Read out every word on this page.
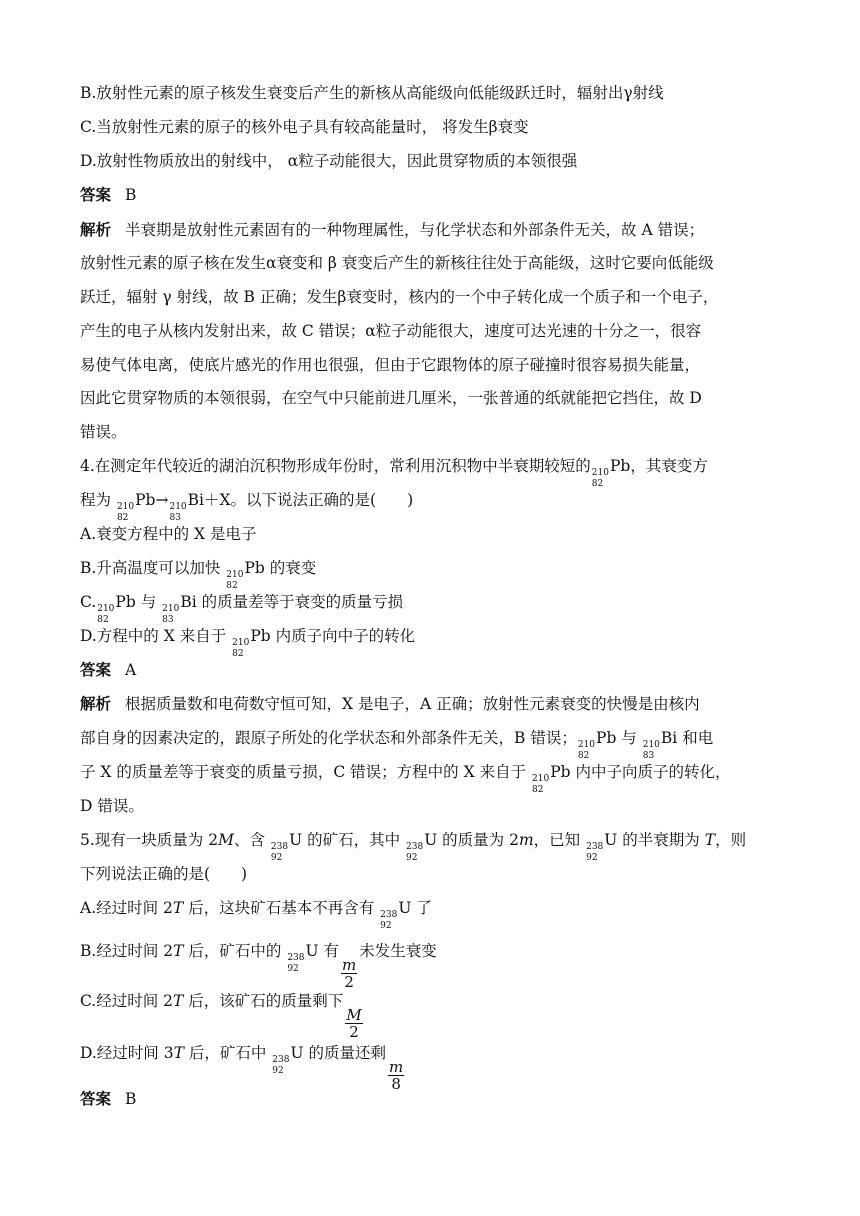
B.放射性元素的原子核发生衰变后产生的新核从高能级向低能级跃迁时，辐射出γ射线
C.当放射性元素的原子的核外电子具有较高能量时， 将发生β衰变
D.放射性物质放出的射线中， α粒子动能很大，因此贯穿物质的本领很强
答案 B
解析 半衰期是放射性元素固有的一种物理属性，与化学状态和外部条件无关，故 A 错误；
放射性元素的原子核在发生α衰变和 β 衰变后产生的新核往往处于高能级，这时它要向低能级
跃迁，辐射 γ 射线，故 B 正确；发生β衰变时，核内的一个中子转化成一个质子和一个电子，
产生的电子从核内发射出来，故 C 错误；α粒子动能很大，速度可达光速的十分之一，很容
易使气体电离，使底片感光的作用也很强，但由于它跟物体的原子碰撞时很容易损失能量，
因此它贯穿物质的本领很弱，在空气中只能前进几厘米，一张普通的纸就能把它挡住，故 D
错误。
4.在测定年代较近的湖泊沉积物形成年份时，常利用沉积物中半衰期较短的 210
82
Pb，其衰变方
程为 210
82
Pb→ 210
83
Bi＋X。以下说法正确的是(　　)
A.衰变方程中的 X 是电子
B.升高温度可以加快 210
82
Pb 的衰变
C. 210
82
Pb 与 210
83
Bi 的质量差等于衰变的质量亏损
D.方程中的 X 来自于 210
82
Pb 内质子向中子的转化
答案 A
解析 根据质量数和电荷数守恒可知，X 是电子，A 正确；放射性元素衰变的快慢是由核内
部自身的因素决定的，跟原子所处的化学状态和外部条件无关，B 错误； 210
82
Pb 与 210
83
Bi 和电
子 X 的质量差等于衰变的质量亏损，C 错误；方程中的 X 来自于 210
82
Pb 内中子向质子的转化，
D 错误。
5.现有一块质量为 2M、含 238
92
U 的矿石，其中 238
92
U 的质量为 2m，已知 238
92
U 的半衰期为 T，则
下列说法正确的是(　　)
A.经过时间 2T 后，这块矿石基本不再含有 238
92
U 了
B.经过时间 2T 后，矿石中的 238
92
U 有
$\frac{m}{2}$
未发生衰变
C.经过时间 2T 后，该矿石的质量剩下
$\frac{M}{2}$
D.经过时间 3T 后，矿石中 238
92
U 的质量还剩
$\frac{m}{8}$
答案 B
